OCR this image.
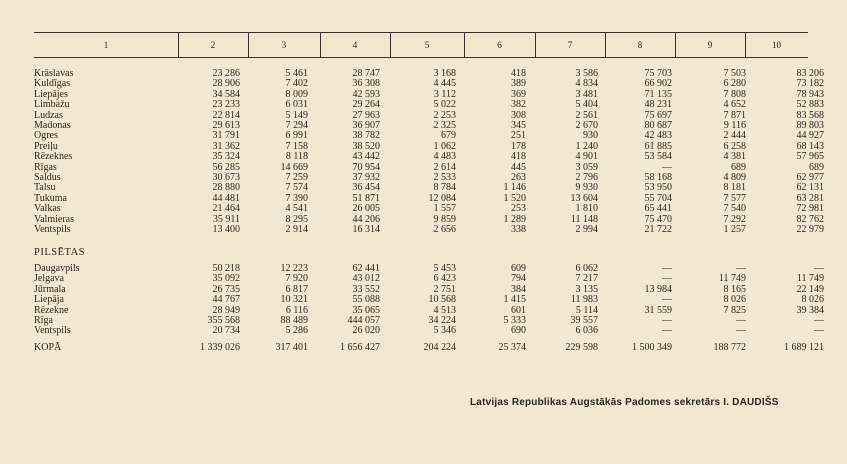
1	2	3	4	5	6	7	8	9	10
Krāslavas	23 286	5 461	28 747	3 168	418	3 586	75 703	7 503	83 206
Kuldīgas	28 906	7 402	36 308	4 445	389	4 834	66 902	6 280	73 182
Liepājes	34 584	8 009	42 593	3 112	369	3 481	71 135	7 808	78 943
Limbažu	23 233	6 031	29 264	5 022	382	5 404	48 231	4 652	52 883
Ludzas	22 814	5 149	27 963	2 253	308	2 561	75 697	7 871	83 568
Madonas	29 613	7 294	36 907	2 325	345	2 670	80 687	9 116	89 803
Ogres	31 791	6 991	38 782	679	251	930	42 483	2 444	44 927
Preiļu	31 362	7 158	38 520	1 062	178	1 240	61 885	6 258	68 143
Rēzeknes	35 324	8 118	43 442	4 483	418	4 901	53 584	4 381	57 965
Rīgas	56 285	14 669	70 954	2 614	445	3 059	—	689	689
Saldus	30 673	7 259	37 932	2 533	263	2 796	58 168	4 809	62 977
Talsu	28 880	7 574	36 454	8 784	1 146	9 930	53 950	8 181	62 131
Tukuma	44 481	7 390	51 871	12 084	1 520	13 604	55 704	7 577	63 281
Valkas	21 464	4 541	26 005	1 557	253	1 810	65 441	7 540	72 981
Valmieras	35 911	8 295	44 206	9 859	1 289	11 148	75 470	7 292	82 762
Ventspils	13 400	2 914	16 314	2 656	338	2 994	21 722	1 257	22 979

PILSĒTAS									
Daugavpils	50 218	12 223	62 441	5 453	609	6 062	—	—	—
Jelgava	35 092	7 920	43 012	6 423	794	7 217	—	11 749	11 749
Jūrmala	26 735	6 817	33 552	2 751	384	3 135	13 984	8 165	22 149
Liepāja	44 767	10 321	55 088	10 568	1 415	11 983	—	8 026	8 026
Rēzekne	28 949	6 116	35 065	4 513	601	5 114	31 559	7 825	39 384
Rīga	355 568	88 489	444 057	34 224	5 333	39 557	—	—	—
Ventspils	20 734	5 286	26 020	5 346	690	6 036	—	—	—

KOPĀ	1 339 026	317 401	1 656 427	204 224	25 374	229 598	1 500 349	188 772	1 689 121
Latvijas Republikas Augstākās Padomes sekretārs I. DAUDIŠS
